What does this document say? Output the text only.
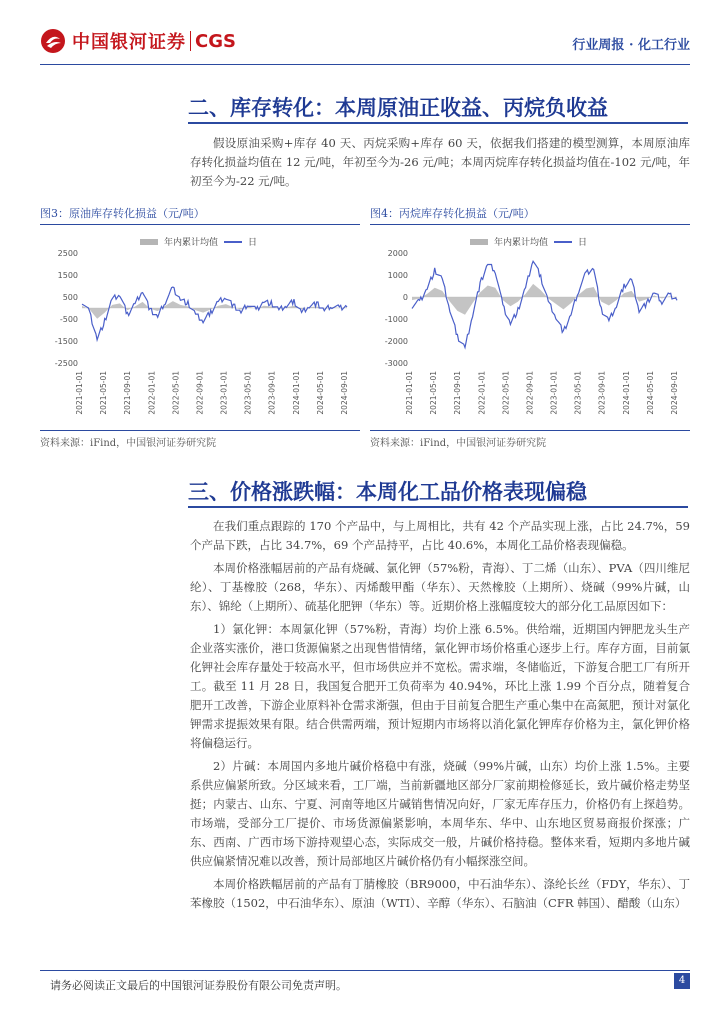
中国银河证券 CGS	行业周报 · 化工行业
二、库存转化：本周原油正收益、丙烷负收益

假设原油采购+库存 40 天、丙烷采购+库存 60 天，依据我们搭建的模型测算，本周原油库存转化损益均值在 12 元/吨，年初至今为-26 元/吨；本周丙烷库存转化损益均值在-102 元/吨，年初至今为-22 元/吨。

图3：原油库存转化损益（元/吨）
年内累计均值	日
2500
1500
500
-500
-1500
-2500
2021-01-01 2021-05-01 2021-09-01 2022-01-01 2022-05-01 2022-09-01 2023-01-01 2023-05-01 2023-09-01 2024-01-01 2024-05-01 2024-09-01
资料来源：iFind，中国银河证券研究院
图4：丙烷库存转化损益（元/吨）
年内累计均值	日
2000
1000
0
-1000
-2000
-3000
2021-01-01 2021-05-01 2021-09-01 2022-01-01 2022-05-01 2022-09-01 2023-01-01 2023-05-01 2023-09-01 2024-01-01 2024-05-01 2024-09-01
资料来源：iFind，中国银河证券研究院
三、价格涨跌幅：本周化工品价格表现偏稳

在我们重点跟踪的 170 个产品中，与上周相比，共有 42 个产品实现上涨，占比 24.7%，59 个产品下跌，占比 34.7%，69 个产品持平，占比 40.6%，本周化工品价格表现偏稳。

本周价格涨幅居前的产品有烧碱、氯化钾（57%粉，青海）、丁二烯（山东）、PVA（四川维尼纶）、丁基橡胶（268，华东）、丙烯酸甲酯（华东）、天然橡胶（上期所）、烧碱（99%片碱，山东）、锦纶（上期所）、硫基化肥钾（华东）等。近期价格上涨幅度较大的部分化工品原因如下：

1）氯化钾：本周氯化钾（57%粉，青海）均价上涨 6.5%。供给端，近期国内钾肥龙头生产企业落实涨价，港口货源偏紧之出现售惜情绪，氯化钾市场价格重心逐步上行。库存方面，目前氯化钾社会库存量处于较高水平，但市场供应并不宽松。需求端，冬储临近，下游复合肥工厂有所开工。截至 11 月 28 日，我国复合肥开工负荷率为 40.94%，环比上涨 1.99 个百分点，随着复合肥开工改善，下游企业原料补仓需求渐强，但由于目前复合肥生产重心集中在高氮肥，预计对氯化钾需求提振效果有限。结合供需两端，预计短期内市场将以消化氯化钾库存价格为主，氯化钾价格将偏稳运行。

2）片碱：本周国内多地片碱价格稳中有涨，烧碱（99%片碱，山东）均价上涨 1.5%。主要系供应偏紧所致。分区域来看，工厂端，当前新疆地区部分厂家前期检修延长，致片碱价格走势坚挺；内蒙古、山东、宁夏、河南等地区片碱销售情况向好，厂家无库存压力，价格仍有上探趋势。市场端，受部分工厂提价、市场货源偏紧影响，本周华东、华中、山东地区贸易商报价探涨；广东、西南、广西市场下游持观望心态，实际成交一般，片碱价格持稳。整体来看，短期内多地片碱供应偏紧情况难以改善，预计局部地区片碱价格仍有小幅探涨空间。

本周价格跌幅居前的产品有丁腈橡胶（BR9000，中石油华东）、涤纶长丝（FDY，华东）、丁苯橡胶（1502，中石油华东）、原油（WTI）、辛醇（华东）、石脑油（CFR 韩国）、醋酸（山东）

请务必阅读正文最后的中国银河证券股份有限公司免责声明。	4
